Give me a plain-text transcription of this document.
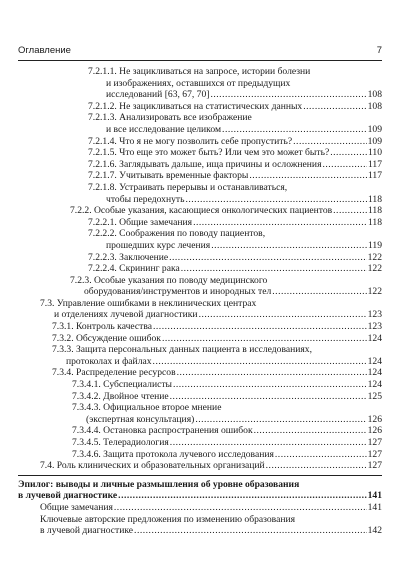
Оглавление	7
7.2.1.1. Не зацикливаться на запросе, истории болезни
и изображениях, оставшихся от предыдущих
исследований [63, 67, 70] .....	108
7.2.1.2. Не зацикливаться на статистических данных .....	108
7.2.1.3. Анализировать все изображение
и все исследование целиком .....	109
7.2.1.4. Что я не могу позволить себе пропустить? .....	109
7.2.1.5. Что еще это может быть? Или чем это может быть? .....	110
7.2.1.6. Заглядывать дальше, ища причины и осложнения .....	117
7.2.1.7. Учитывать временные факторы .....	117
7.2.1.8. Устраивать перерывы и останавливаться,
чтобы передохнуть .....	118
7.2.2. Особые указания, касающиеся онкологических пациентов .....	118
7.2.2.1. Общие замечания .....	118
7.2.2.2. Соображения по поводу пациентов,
прошедших курс лечения .....	119
7.2.2.3. Заключение .....	122
7.2.2.4. Скрининг рака .....	122
7.2.3. Особые указания по поводу медицинского
оборудования/инструментов и инородных тел .....	122
7.3. Управление ошибками в неклинических центрах
и отделениях лучевой диагностики .....	123
7.3.1. Контроль качества .....	123
7.3.2. Обсуждение ошибок .....	124
7.3.3. Защита персональных данных пациента в исследованиях,
протоколах и файлах .....	124
7.3.4. Распределение ресурсов .....	124
7.3.4.1. Субспециалисты .....	124
7.3.4.2. Двойное чтение .....	125
7.3.4.3. Официальное второе мнение
(экспертная консультация) .....	126
7.3.4.4. Остановка распространения ошибок .....	126
7.3.4.5. Телерадиология .....	127
7.3.4.6. Защита протокола лучевого исследования .....	127
7.4. Роль клинических и образовательных организаций .....	127
Эпилог: выводы и личные размышления об уровне образования
в лучевой диагностике .....	141
Общие замечания .....	141
Ключевые авторские предложения по изменению образования
в лучевой диагностике .....	142
